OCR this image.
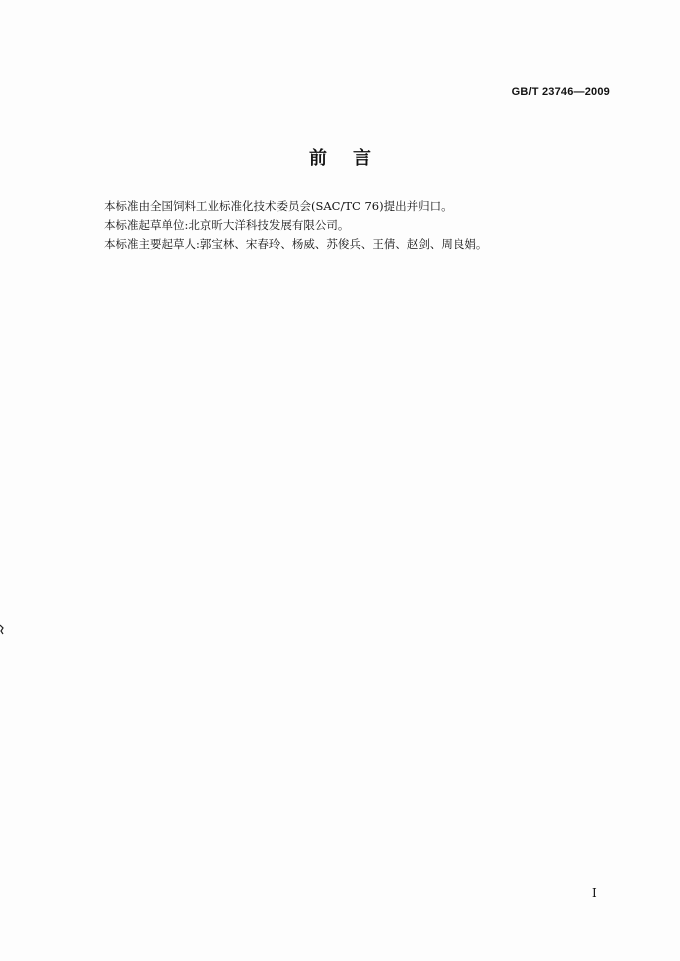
GB/T 23746—2009
前言

本标准由全国饲料工业标准化技术委员会(SAC/TC 76)提出并归口。

本标准起草单位:北京昕大洋科技发展有限公司。

本标准主要起草人:郭宝林、宋春玲、杨威、苏俊兵、王倩、赵剑、周良娟。

I
